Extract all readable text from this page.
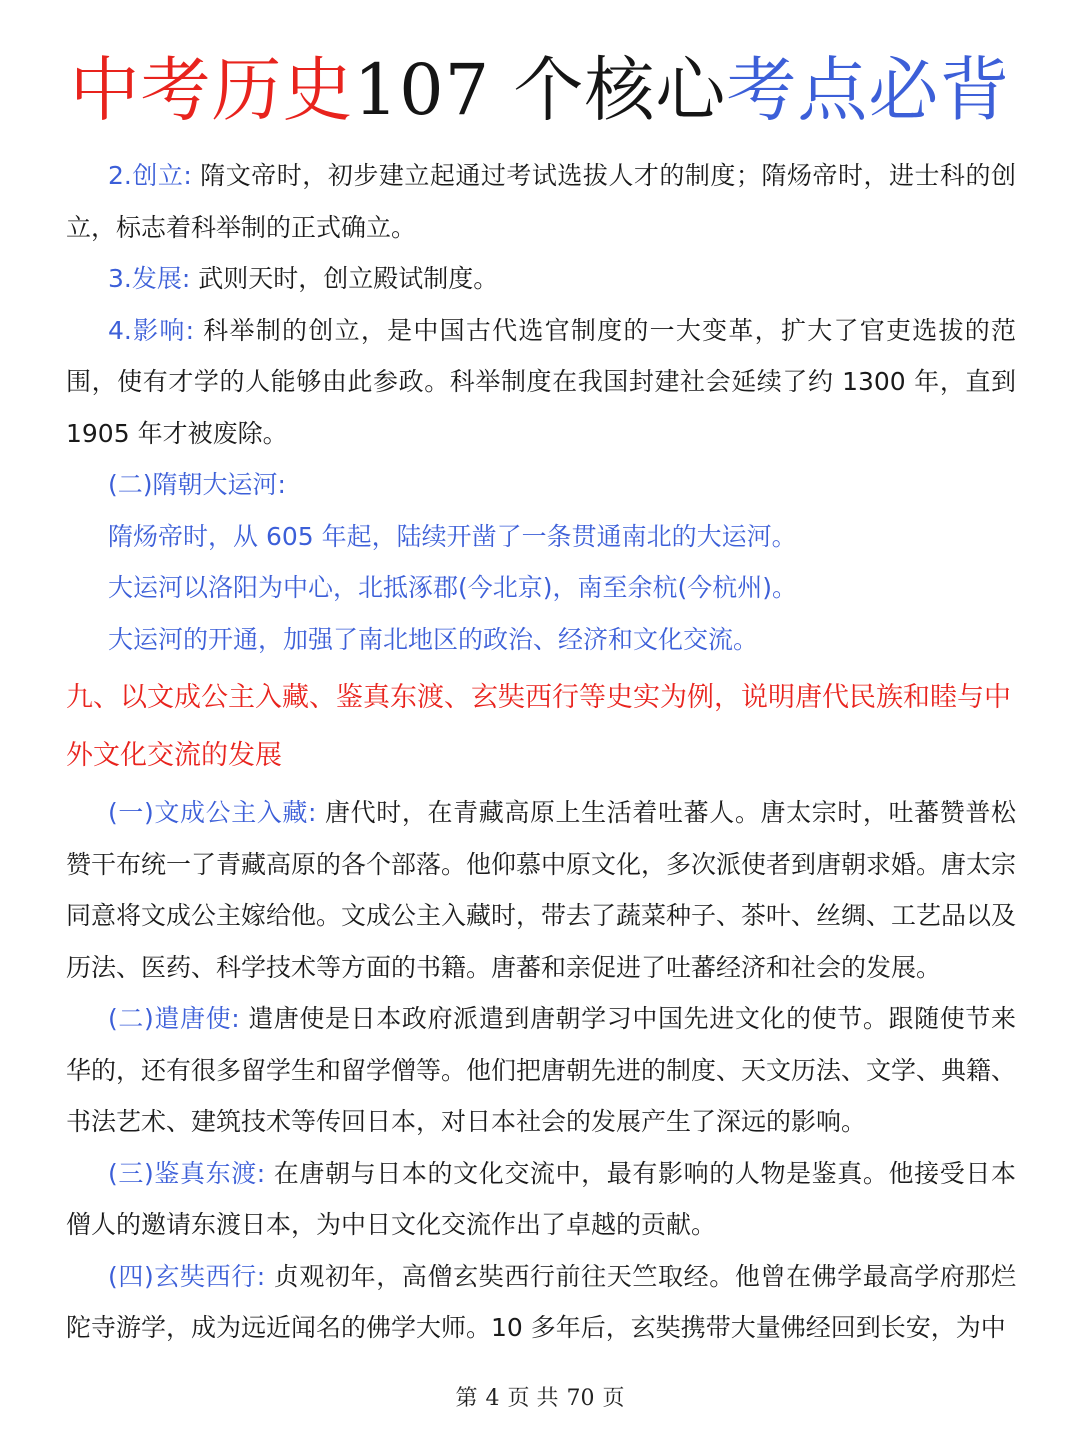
中考历史107 个核心考点必背

2.创立: 隋文帝时，初步建立起通过考试选拔人才的制度；隋炀帝时，进士科的创立，标志着科举制的正式确立。

3.发展: 武则天时，创立殿试制度。

4.影响: 科举制的创立，是中国古代选官制度的一大变革，扩大了官吏选拔的范围，使有才学的人能够由此参政。科举制度在我国封建社会延续了约 1300 年，直到 1905 年才被废除。

(二)隋朝大运河:

隋炀帝时，从 605 年起，陆续开凿了一条贯通南北的大运河。

大运河以洛阳为中心，北抵涿郡(今北京)，南至余杭(今杭州)。

大运河的开通，加强了南北地区的政治、经济和文化交流。

九、以文成公主入藏、鉴真东渡、玄奘西行等史实为例，说明唐代民族和睦与中外文化交流的发展

(一)文成公主入藏: 唐代时，在青藏高原上生活着吐蕃人。唐太宗时，吐蕃赞普松赞干布统一了青藏高原的各个部落。他仰慕中原文化，多次派使者到唐朝求婚。唐太宗同意将文成公主嫁给他。文成公主入藏时，带去了蔬菜种子、茶叶、丝绸、工艺品以及历法、医药、科学技术等方面的书籍。唐蕃和亲促进了吐蕃经济和社会的发展。

(二)遣唐使: 遣唐使是日本政府派遣到唐朝学习中国先进文化的使节。跟随使节来华的，还有很多留学生和留学僧等。他们把唐朝先进的制度、天文历法、文学、典籍、书法艺术、建筑技术等传回日本，对日本社会的发展产生了深远的影响。

(三)鉴真东渡: 在唐朝与日本的文化交流中，最有影响的人物是鉴真。他接受日本僧人的邀请东渡日本，为中日文化交流作出了卓越的贡献。

(四)玄奘西行: 贞观初年，高僧玄奘西行前往天竺取经。他曾在佛学最高学府那烂陀寺游学，成为远近闻名的佛学大师。10 多年后，玄奘携带大量佛经回到长安，为中

第 4 页 共 70 页
